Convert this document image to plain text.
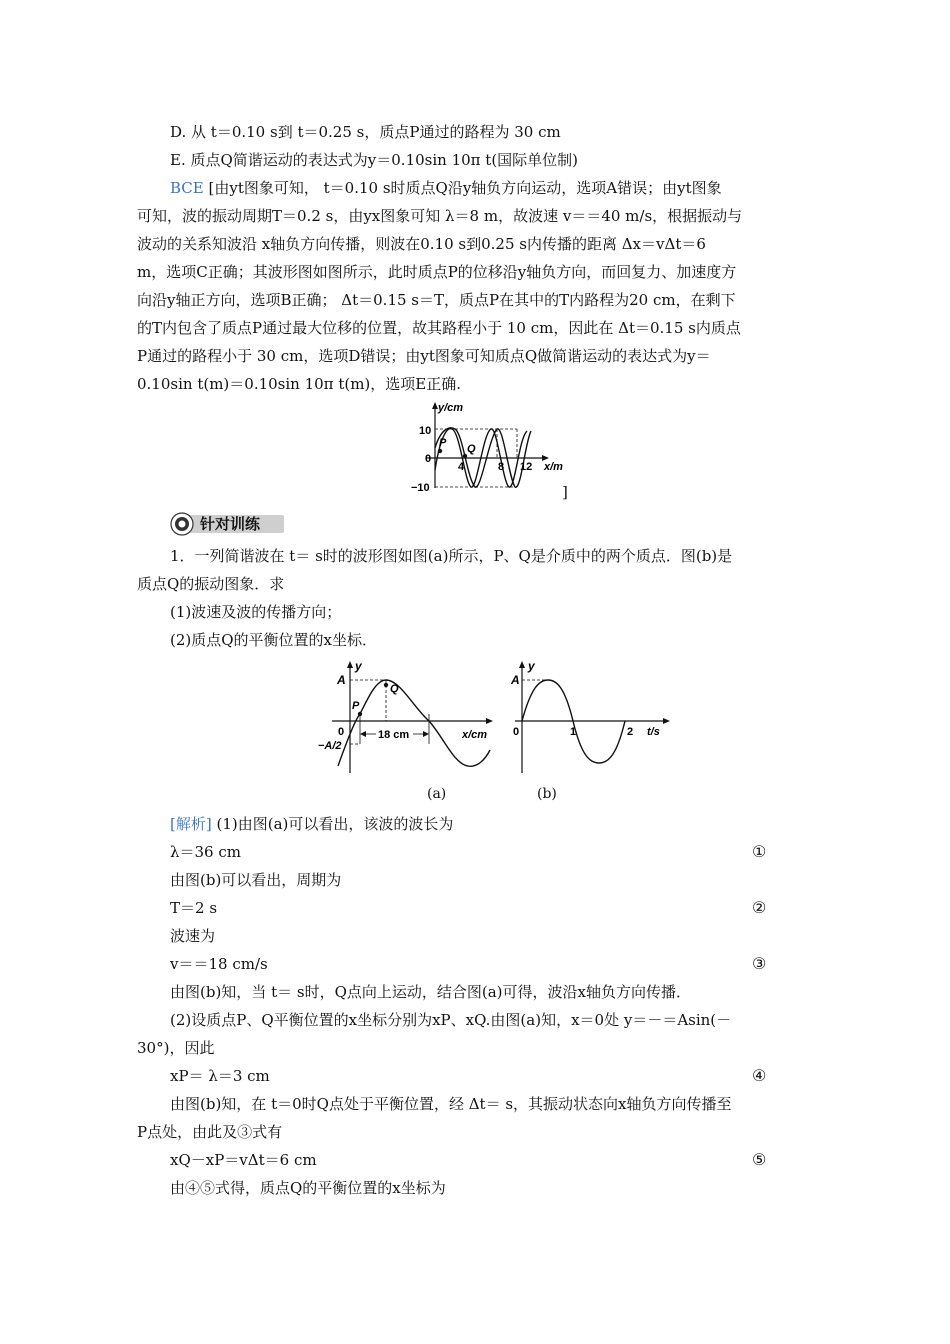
D. 从 t＝0.10 s到 t＝0.25 s，质点P通过的路程为 30 cm
E. 质点Q简谐运动的表达式为y＝0.10sin 10π t(国际单位制)
BCE [由yt图象可知， t＝0.10 s时质点Q沿y轴负方向运动，选项A错误；由yt图象
可知，波的振动周期T＝0.2 s，由yx图象可知 λ＝8 m，故波速 v＝＝40 m/s，根据振动与
波动的关系知波沿 x轴负方向传播，则波在0.10 s到0.25 s内传播的距离 Δx＝vΔt＝6
m，选项C正确；其波形图如图所示，此时质点P的位移沿y轴负方向，而回复力、加速度方
向沿y轴正方向，选项B正确； Δt＝0.15 s＝T，质点P在其中的T内路程为20 cm，在剩下
的T内包含了质点P通过最大位移的位置，故其路程小于 10 cm，因此在 Δt＝0.15 s内质点
P通过的路程小于 30 cm，选项D错误；由yt图象可知质点Q做简谐运动的表达式为y＝
0.10sin t(m)＝0.10sin 10π t(m)，选项E正确.
y/cm
x/m
10
0
−10
P Q
4	8 12
]
针对训练
1．一列简谐波在 t＝ s时的波形图如图(a)所示，P、Q是介质中的两个质点．图(b)是
质点Q的振动图象．求
(1)波速及波的传播方向；
(2)质点Q的平衡位置的x坐标．
y
x/cm
A
0
−A/2
18 cm
P
Q
(a)
y
t/s
A
0	1	2
(b)
[解析] (1)由图(a)可以看出，该波的波长为
λ＝36 cm	①
由图(b)可以看出，周期为
T＝2 s	②
波速为
v＝＝18 cm/s	③
由图(b)知，当 t＝ s时，Q点向上运动，结合图(a)可得，波沿x轴负方向传播．
(2)设质点P、Q平衡位置的x坐标分别为xP、xQ.由图(a)知，x＝0处 y＝－＝Asin(－
30°)，因此
xP＝ λ＝3 cm	④
由图(b)知，在 t＝0时Q点处于平衡位置，经 Δt＝ s，其振动状态向x轴负方向传播至
P点处，由此及③式有
xQ－xP＝vΔt＝6 cm	⑤
由④⑤式得，质点Q的平衡位置的x坐标为
